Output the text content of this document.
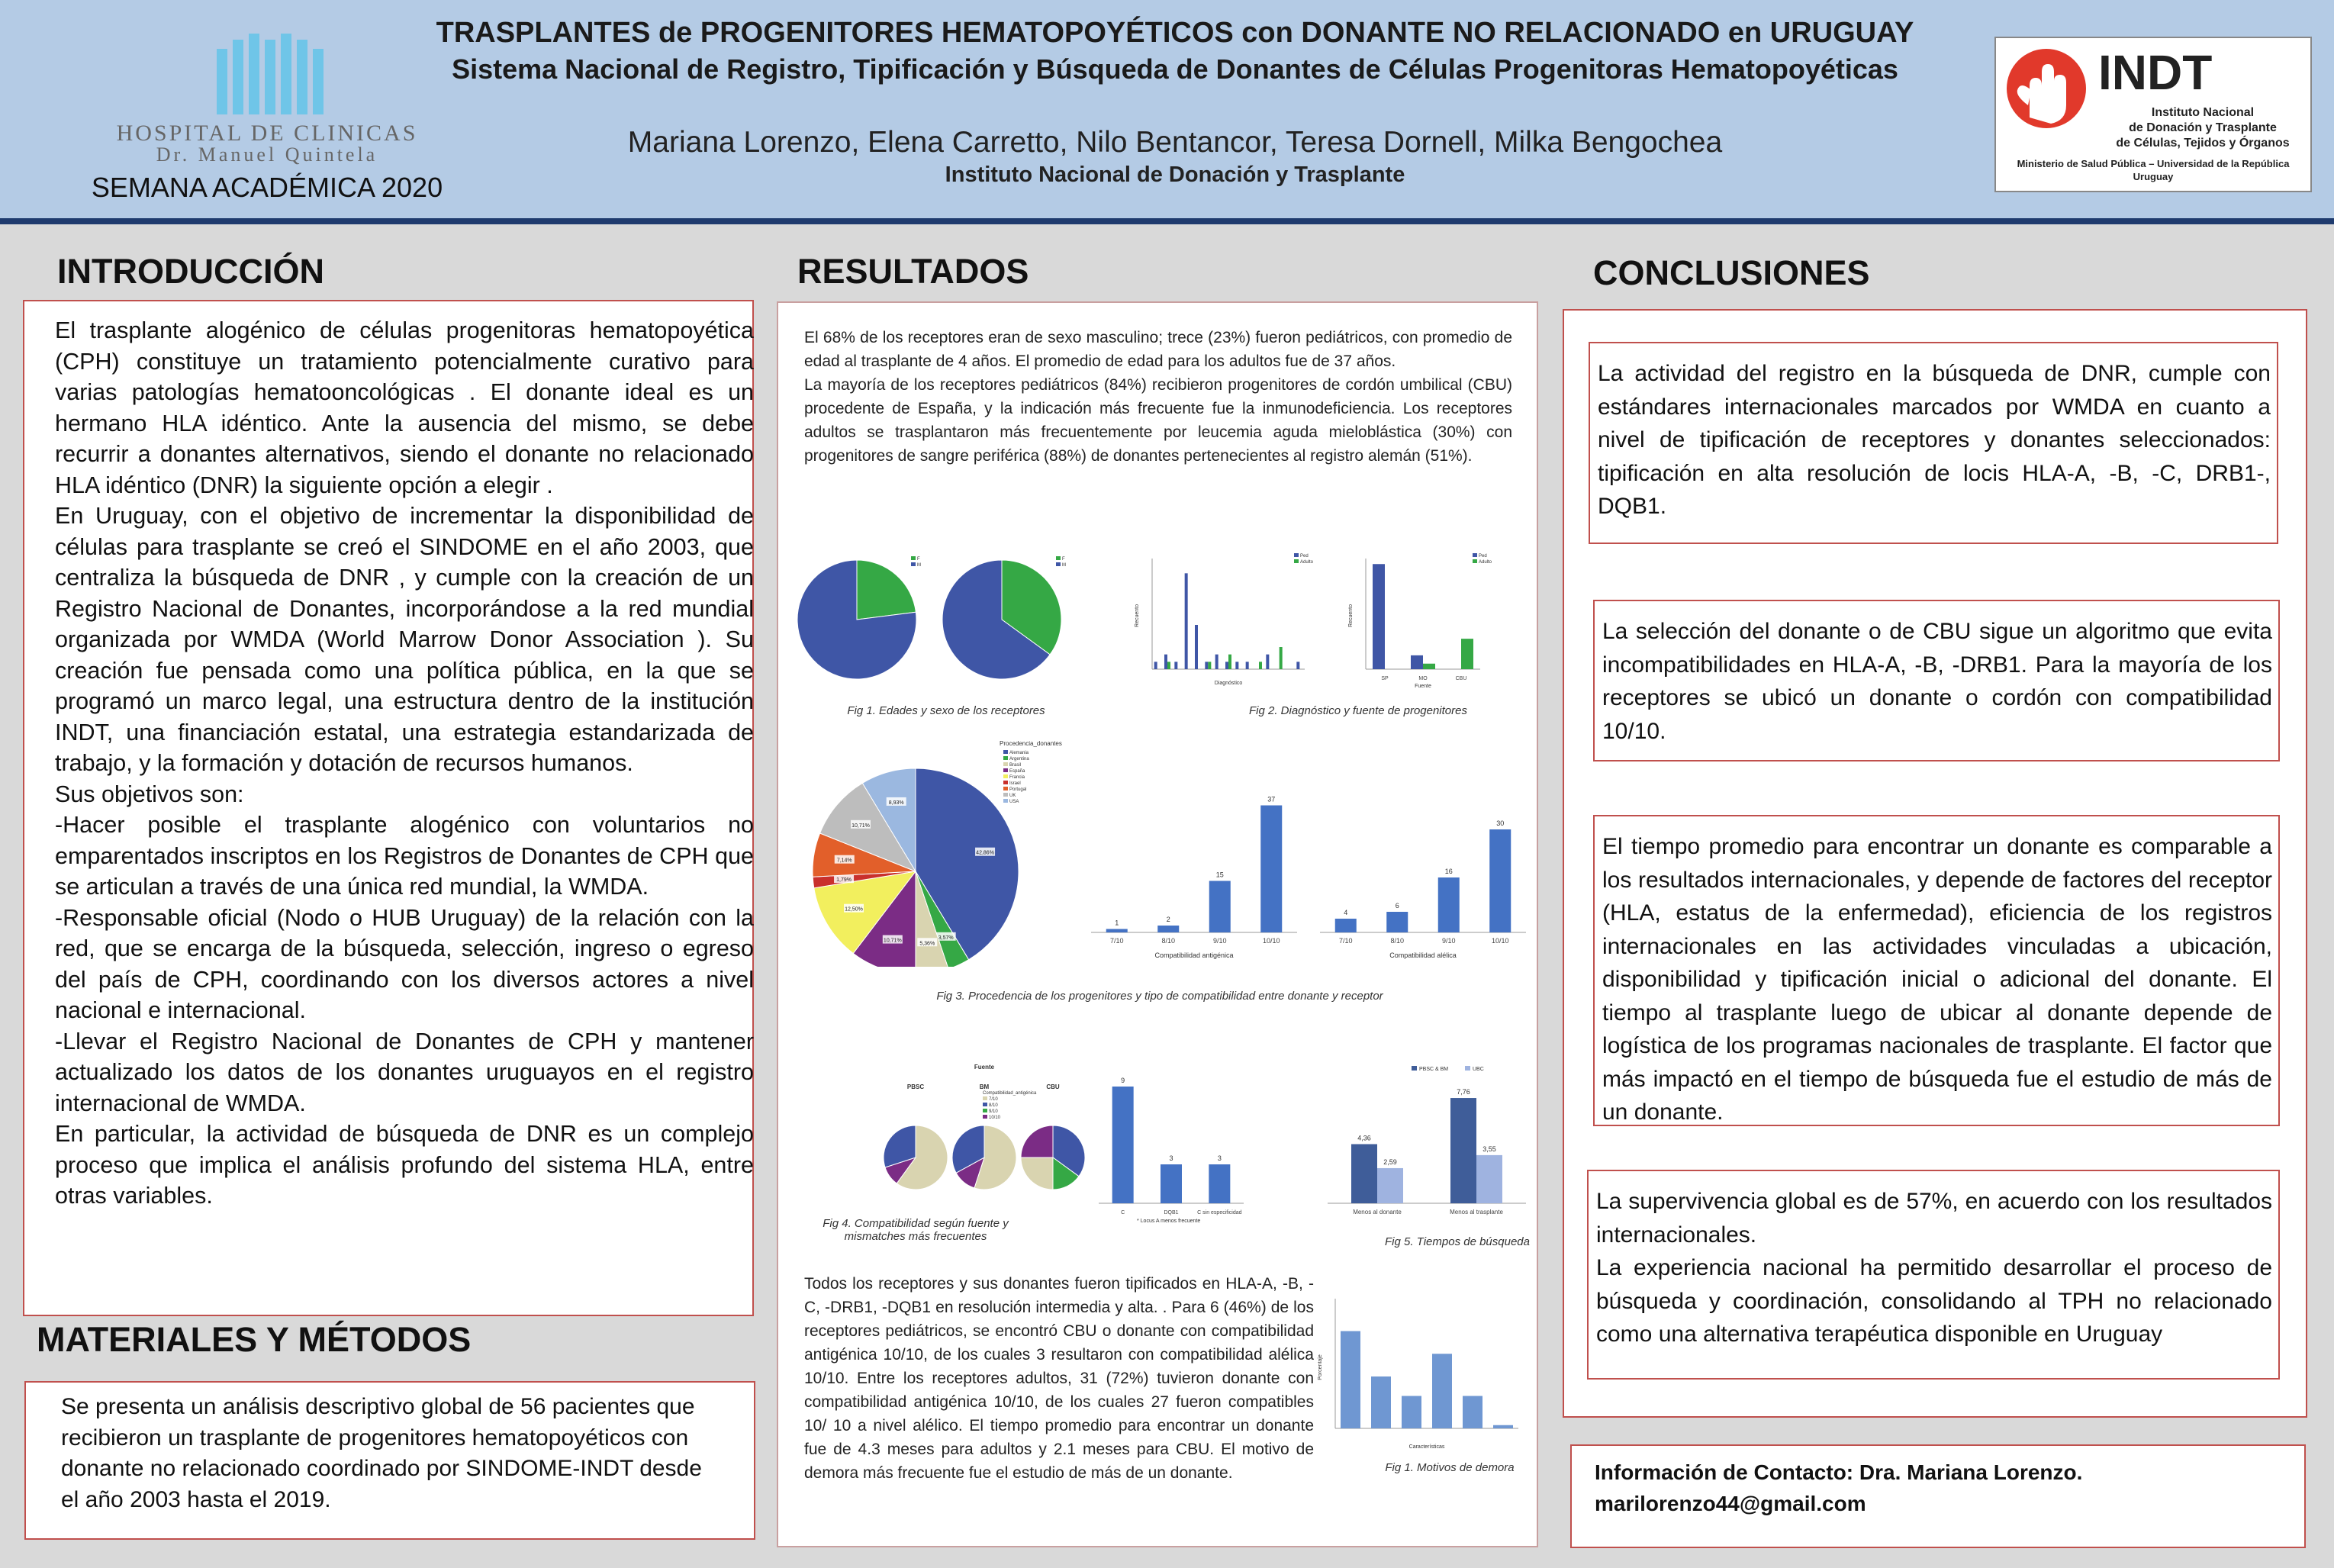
HOSPITAL DE CLINICAS
Dr. Manuel Quintela
SEMANA ACADÉMICA 2020
TRASPLANTES de PROGENITORES HEMATOPOYÉTICOS con DONANTE NO RELACIONADO en URUGUAY
Sistema Nacional de Registro, Tipificación y Búsqueda de Donantes de Células Progenitoras Hematopoyéticas
Mariana Lorenzo, Elena Carretto, Nilo Bentancor, Teresa Dornell, Milka Bengochea
Instituto Nacional de Donación y Trasplante
INDT
Instituto Nacional
de Donación y Trasplante
de Células, Tejidos y Órganos
Ministerio de Salud Pública – Universidad de la República
Uruguay
INTRODUCCIÓN

El trasplante alogénico de células progenitoras hematopoyética (CPH) constituye un tratamiento potencialmente curativo para varias patologías hematooncológicas . El donante ideal es un hermano HLA idéntico. Ante la ausencia del mismo, se debe recurrir a donantes alternativos, siendo el donante no relacionado HLA idéntico (DNR) la siguiente opción a elegir .

En Uruguay, con el objetivo de incrementar la disponibilidad de células para trasplante se creó el SINDOME en el año 2003, que centraliza la búsqueda de DNR , y cumple con la creación de un Registro Nacional de Donantes, incorporándose a la red mundial organizada por WMDA (World Marrow Donor Association ). Su creación fue pensada como una política pública, en la que se programó un marco legal, una estructura dentro de la institución INDT, una financiación estatal, una estrategia estandarizada de trabajo, y la formación y dotación de recursos humanos.

Sus objetivos son:

-Hacer posible el trasplante alogénico con voluntarios no emparentados inscriptos en los Registros de Donantes de CPH que se articulan a través de una única red mundial, la WMDA.

-Responsable oficial (Nodo o HUB Uruguay) de la relación con la red, que se encarga de la búsqueda, selección, ingreso o egreso del país de CPH, coordinando con los diversos actores a nivel nacional e internacional.

-Llevar el Registro Nacional de Donantes de CPH y mantener actualizado los datos de los donantes uruguayos en el registro internacional de WMDA.

En particular, la actividad de búsqueda de DNR es un complejo proceso que implica el análisis profundo del sistema HLA, entre otras variables.

MATERIALES Y MÉTODOS
Se presenta un análisis descriptivo global de 56 pacientes que recibieron un trasplante de progenitores hematopoyéticos con donante no relacionado coordinado por SINDOME-INDT desde el año 2003 hasta el 2019.
RESULTADOS

El 68% de los receptores eran de sexo masculino; trece (23%) fueron pediátricos, con promedio de edad al trasplante de 4 años. El promedio de edad para los adultos fue de 37 años.

La mayoría de los receptores pediátricos (84%) recibieron progenitores de cordón umbilical (CBU) procedente de España, y la indicación más frecuente fue la inmunodeficiencia. Los receptores adultos se trasplantaron más frecuentemente por leucemia aguda mieloblástica (30%) con progenitores de sangre periférica (88%) de donantes pertenecientes al registro alemán (51%).

F
M
F
M
Fig 1. Edades y sexo de los receptores
Diagnóstico
Recuento
Ped
Adulto
SP	MO	CBU
Fuente
Recuento
Ped
Adulto
Fig 2. Diagnóstico y fuente de progenitores
42,86%
3,57%
5,36%
10,71%
12,50%
1,79%
7,14%
10,71%
8,93%
Procedencia_donantes
Alemania
Argentina
Brasil
España
Francia
Israel
Portugal
UK
USA
1
7/10
2
8/10
15
9/10
37
10/10
Compatibilidad antigénica
4
7/10
6
8/10
16
9/10
30
10/10
Compatibilidad alélica
Fig 3. Procedencia de los progenitores y tipo de compatibilidad entre donante y receptor
Fuente
PBSC	BM	CBU
Compatibilidad_antigénica
7/10
8/10
9/10
10/10
9
C
3
DQB1
3
C sin especificidad
* Locus A menos frecuente
Fig 4. Compatibilidad según fuente y
mismatches más frecuentes
4,36
2,59
Menos al donante
7,76
3,55
Menos al trasplante
PBSC & BM	UBC
Fig 5. Tiempos de búsqueda

Todos los receptores y sus donantes fueron tipificados en HLA-A, -B, -C, -DRB1, -DQB1 en resolución intermedia y alta. . Para 6 (46%) de los receptores pediátricos, se encontró CBU o donante con compatibilidad antigénica 10/10, de los cuales 3 resultaron con compatibilidad alélica 10/10. Entre los receptores adultos, 31 (72%) tuvieron donante con compatibilidad antigénica 10/10, de los cuales 27 fueron compatibles 10/ 10 a nivel alélico. El tiempo promedio para encontrar un donante fue de 4.3 meses para adultos y 2.1 meses para CBU. El motivo de demora más frecuente fue el estudio de más de un donante.

Características
Porcentaje
Fig 1. Motivos de demora
CONCLUSIONES

La actividad del registro en la búsqueda de DNR, cumple con estándares internacionales marcados por WMDA en cuanto a nivel de tipificación de receptores y donantes seleccionados: tipificación en alta resolución de locis HLA-A, -B, -C, DRB1-, DQB1.

La selección del donante o de CBU sigue un algoritmo que evita incompatibilidades en HLA-A, -B, -DRB1. Para la mayoría de los receptores se ubicó un donante o cordón con compatibilidad 10/10.

El tiempo promedio para encontrar un donante es comparable a los resultados internacionales, y depende de factores del receptor (HLA, estatus de la enfermedad), eficiencia de los registros internacionales en las actividades vinculadas a ubicación, disponibilidad y tipificación inicial o adicional del donante. El tiempo al trasplante luego de ubicar al donante depende de logística de los programas nacionales de trasplante. El factor que más impactó en el tiempo de búsqueda fue el estudio de más de un donante.

La supervivencia global es de 57%, en acuerdo con los resultados internacionales.

La experiencia nacional ha permitido desarrollar el proceso de búsqueda y coordinación, consolidando al TPH no relacionado como una alternativa terapéutica disponible en Uruguay

Información de Contacto: Dra. Mariana Lorenzo.
marilorenzo44@gmail.com
